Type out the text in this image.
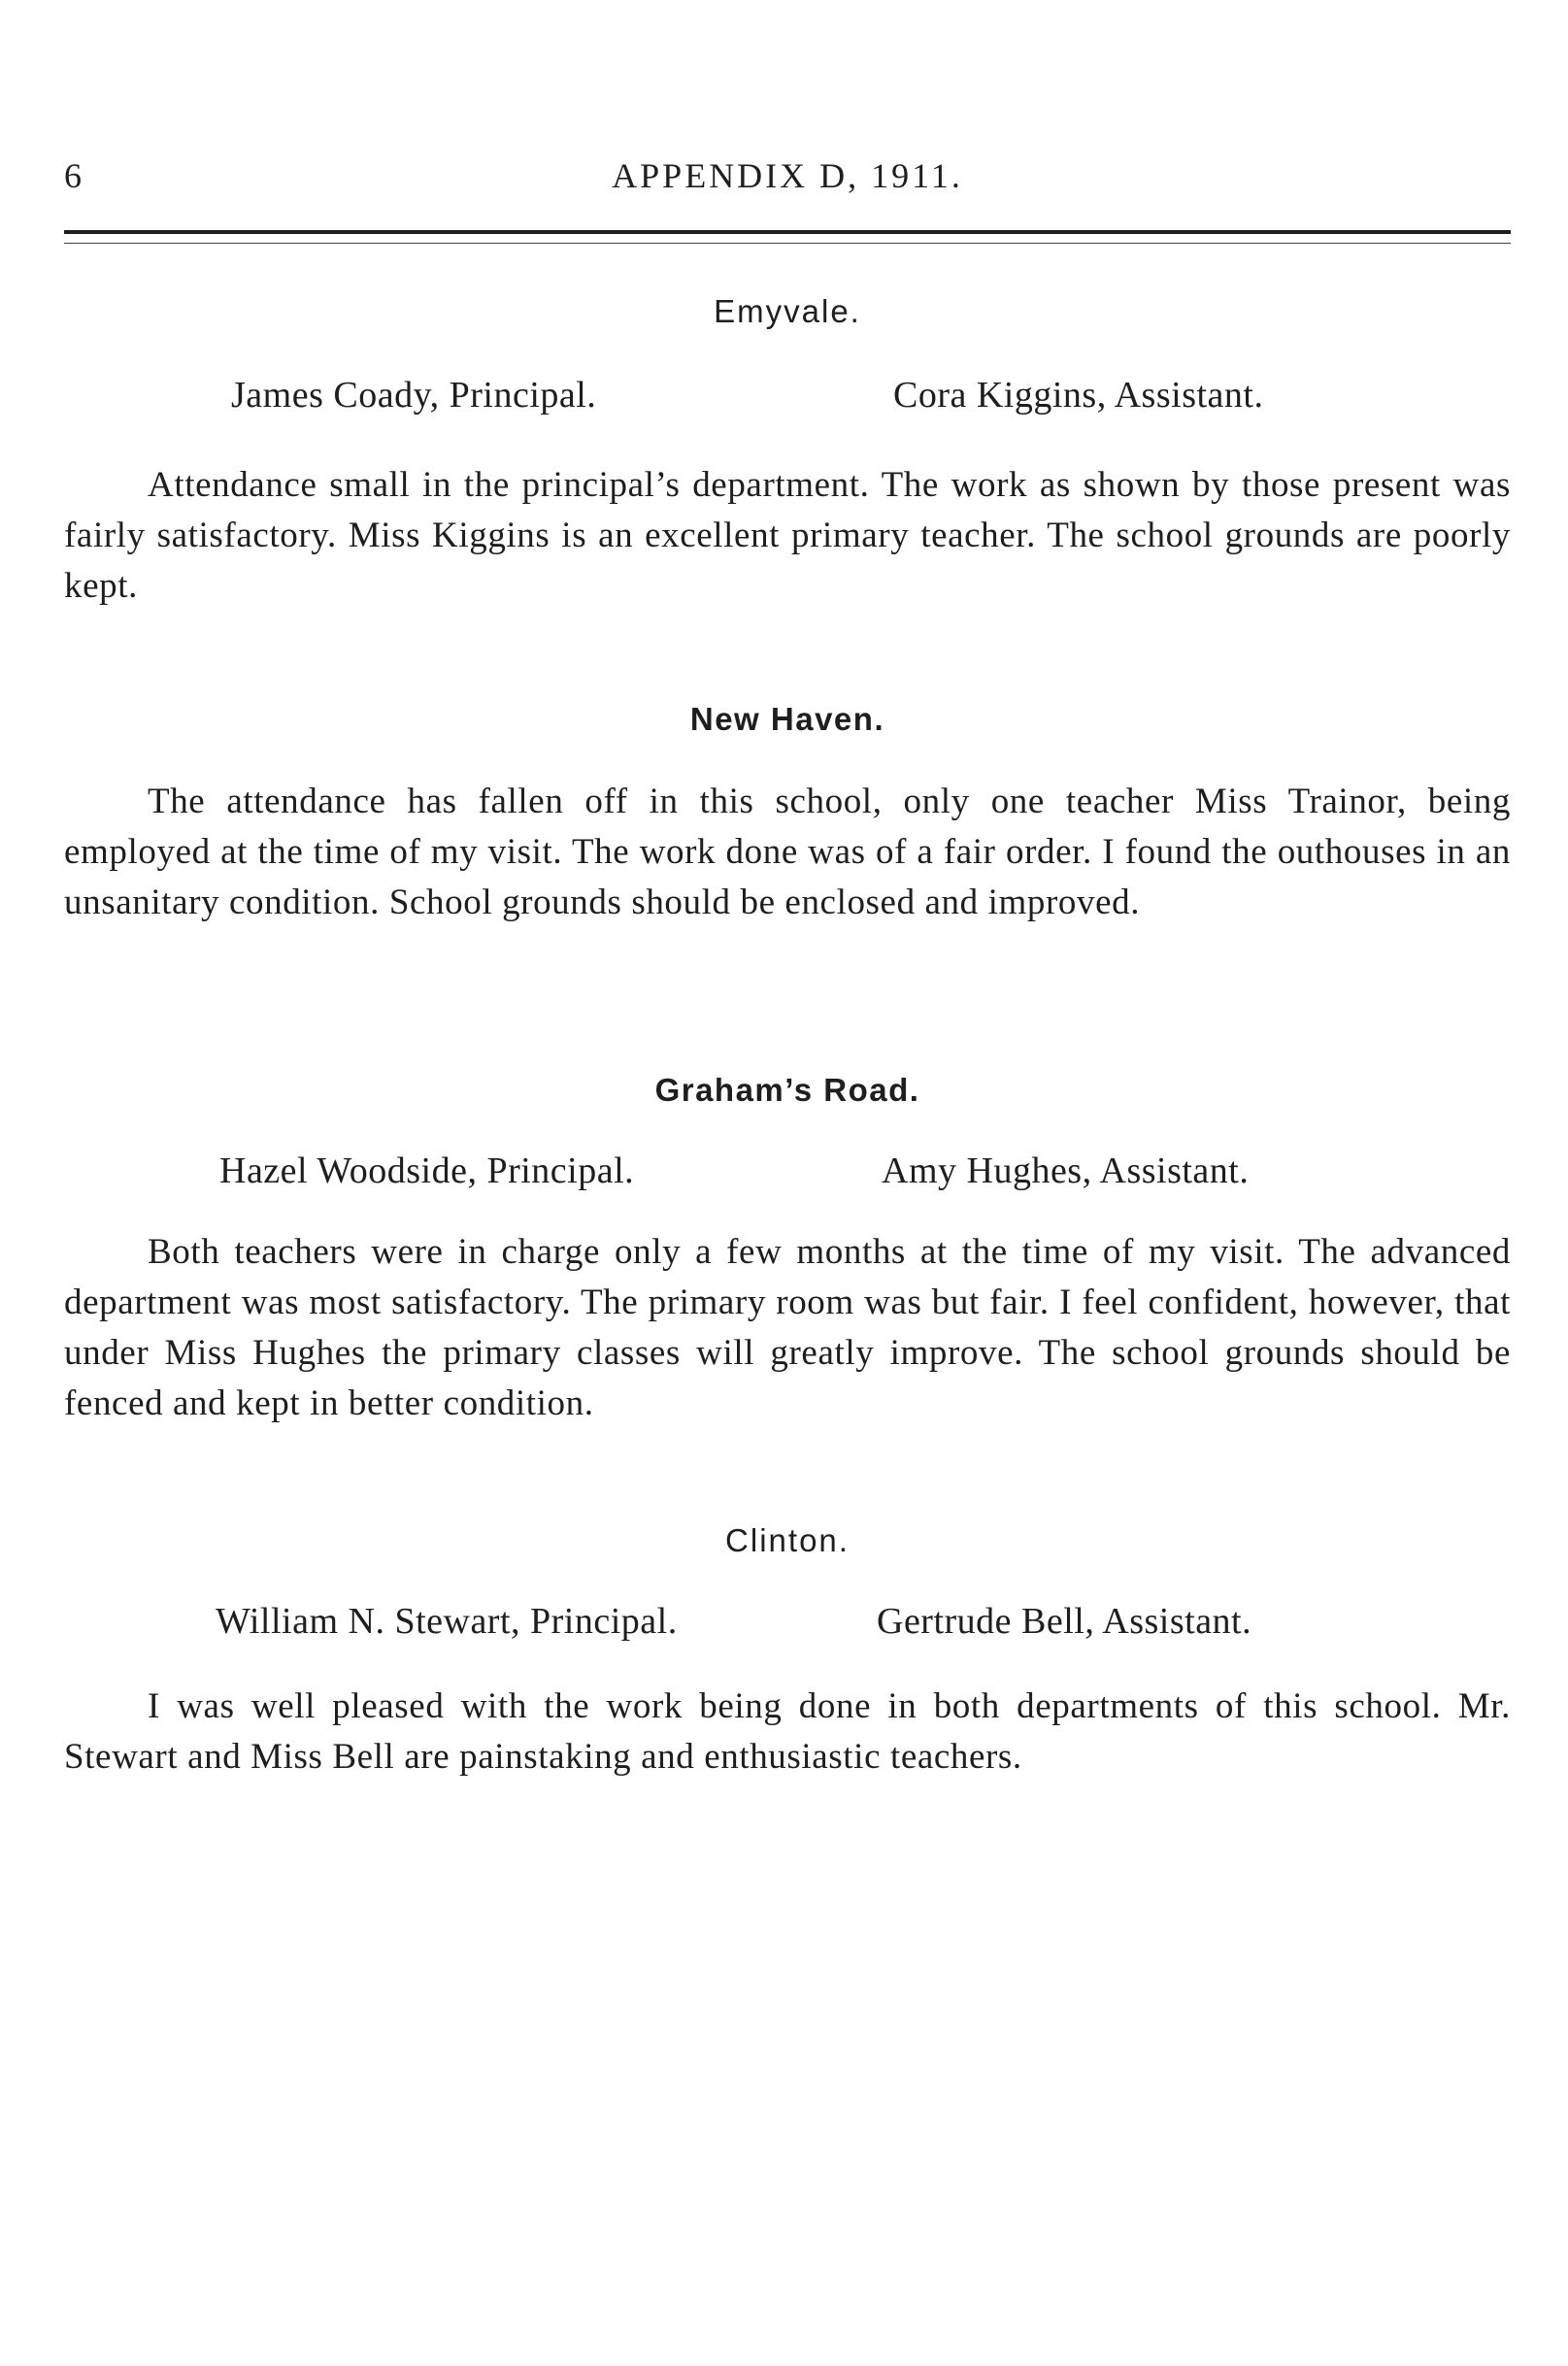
6	APPENDIX D, 1911.
Emyvale.
James Coady, Principal.	Cora Kiggins, Assistant.

Attendance small in the principal’s department. The work as shown by those present was fairly satisfactory. Miss Kiggins is an excellent primary teacher. The school grounds are poorly kept.

New Haven.

The attendance has fallen off in this school, only one teacher Miss Trainor, being employed at the time of my visit. The work done was of a fair order. I found the outhouses in an unsanitary condition. School grounds should be enclosed and improved.

Graham’s Road.
Hazel Woodside, Principal.	Amy Hughes, Assistant.

Both teachers were in charge only a few months at the time of my visit. The advanced department was most satisfactory. The primary room was but fair. I feel confident, however, that under Miss Hughes the primary classes will greatly improve. The school grounds should be fenced and kept in better condition.

Clinton.
William N. Stewart, Principal.	Gertrude Bell, Assistant.

I was well pleased with the work being done in both departments of this school. Mr. Stewart and Miss Bell are painstaking and enthusiastic teachers.
